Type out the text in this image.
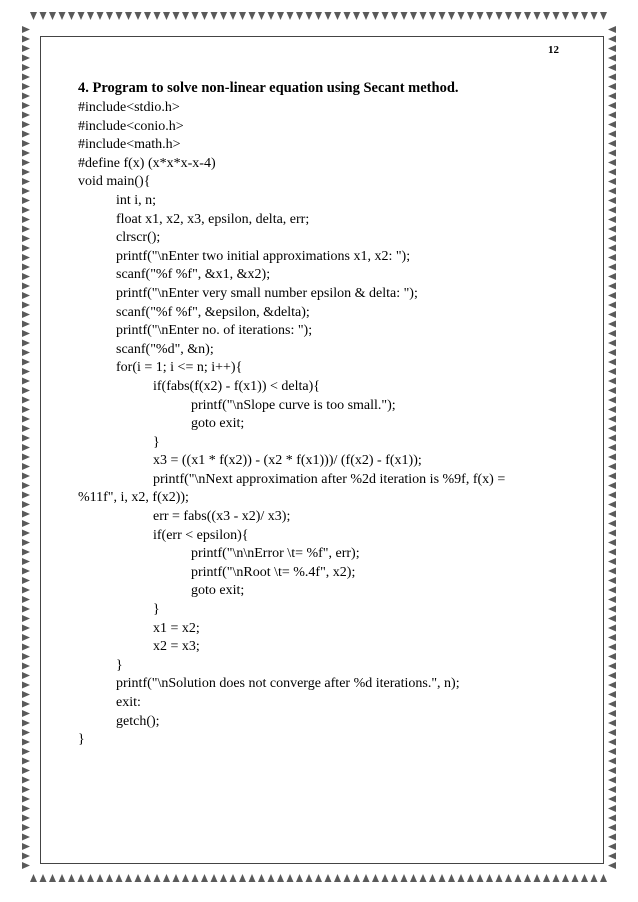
12
4. Program to solve non-linear equation using Secant method.
#include<stdio.h>
#include<conio.h>
#include<math.h>
#define f(x) (x*x*x-x-4)
void main(){
int i, n;
float x1, x2, x3, epsilon, delta, err;
clrscr();
printf("\nEnter two initial approximations x1, x2: ");
scanf("%f %f", &x1, &x2);
printf("\nEnter very small number epsilon & delta: ");
scanf("%f %f", &epsilon, &delta);
printf("\nEnter no. of iterations: ");
scanf("%d", &n);
for(i = 1; i <= n; i++){
if(fabs(f(x2) - f(x1)) < delta){
printf("\nSlope curve is too small.");
goto exit;
}
x3 = ((x1 * f(x2)) - (x2 * f(x1)))/ (f(x2) - f(x1));
printf("\nNext approximation after %2d iteration is %9f, f(x) =
%11f", i, x2, f(x2));
err = fabs((x3 - x2)/ x3);
if(err < epsilon){
printf("\n\nError \t= %f", err);
printf("\nRoot \t= %.4f", x2);
goto exit;
}
x1 = x2;
x2 = x3;
}
printf("\nSolution does not converge after %d iterations.", n);
exit:
getch();
}
